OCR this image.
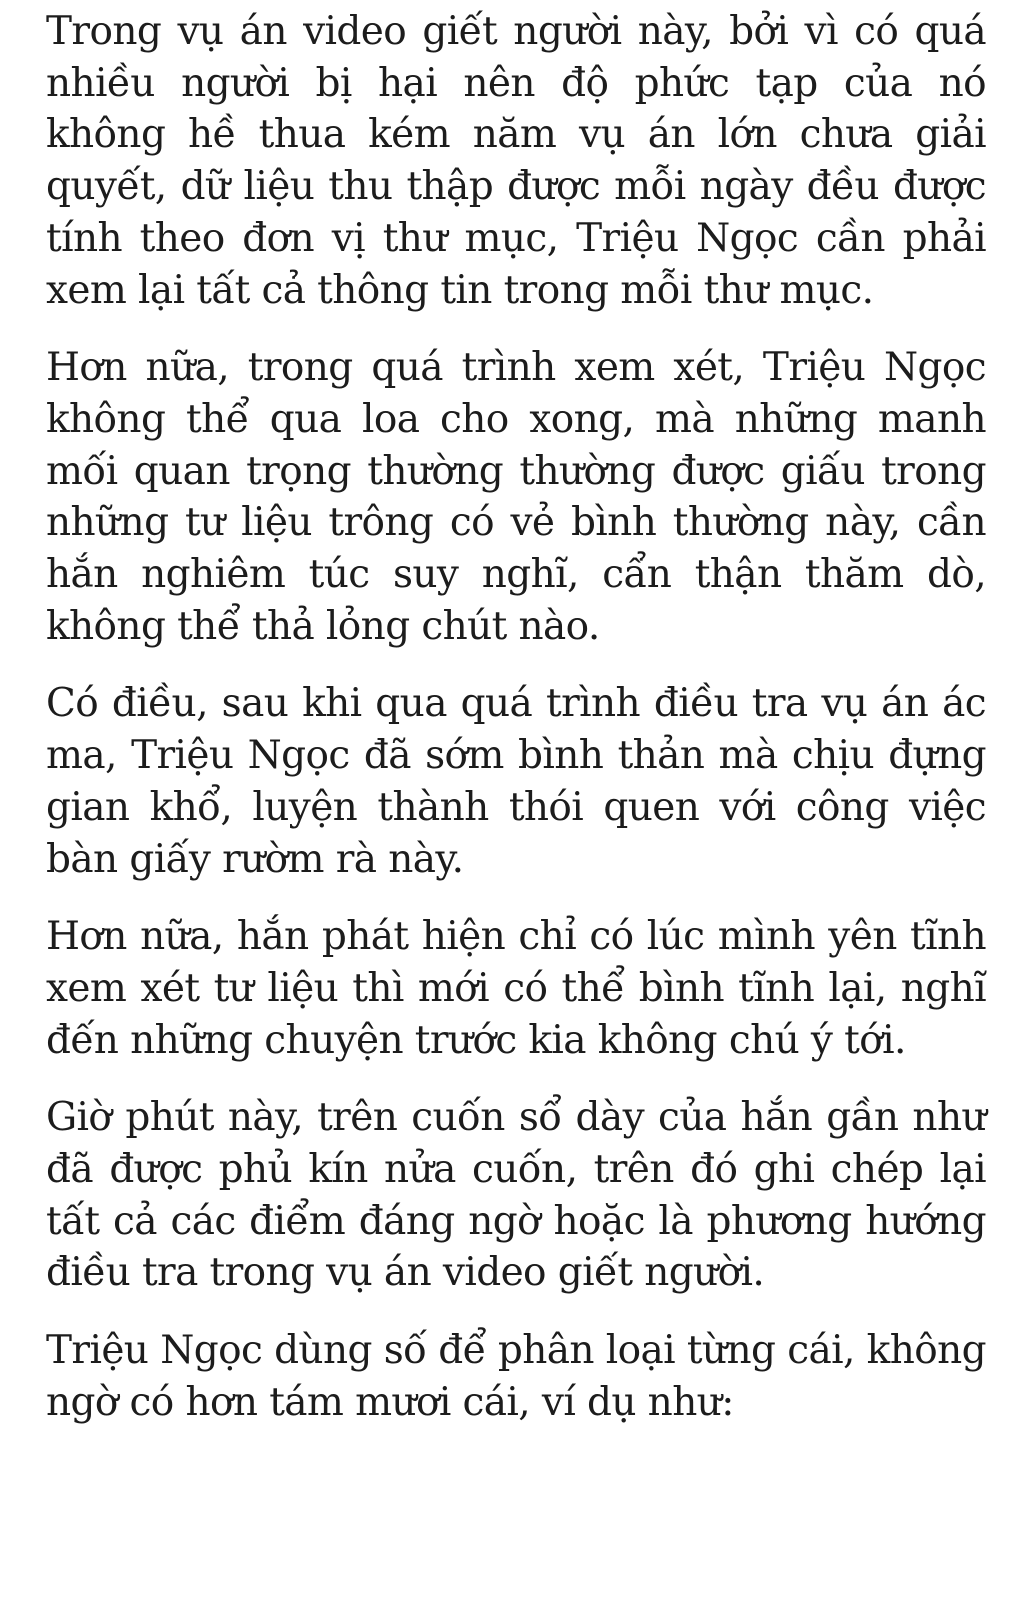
Trong vụ án video giết người này, bởi vì có quá nhiều người bị hại nên độ phức tạp của nó không hề thua kém năm vụ án lớn chưa giải quyết, dữ liệu thu thập được mỗi ngày đều được tính theo đơn vị thư mục, Triệu Ngọc cần phải xem lại tất cả thông tin trong mỗi thư mục.

Hơn nữa, trong quá trình xem xét, Triệu Ngọc không thể qua loa cho xong, mà những manh mối quan trọng thường thường được giấu trong những tư liệu trông có vẻ bình thường này, cần hắn nghiêm túc suy nghĩ, cẩn thận thăm dò, không thể thả lỏng chút nào.

Có điều, sau khi qua quá trình điều tra vụ án ác ma, Triệu Ngọc đã sớm bình thản mà chịu đựng gian khổ, luyện thành thói quen với công việc bàn giấy rườm rà này.

Hơn nữa, hắn phát hiện chỉ có lúc mình yên tĩnh xem xét tư liệu thì mới có thể bình tĩnh lại, nghĩ đến những chuyện trước kia không chú ý tới.

Giờ phút này, trên cuốn sổ dày của hắn gần như đã được phủ kín nửa cuốn, trên đó ghi chép lại tất cả các điểm đáng ngờ hoặc là phương hướng điều tra trong vụ án video giết người.

Triệu Ngọc dùng số để phân loại từng cái, không ngờ có hơn tám mươi cái, ví dụ như:
